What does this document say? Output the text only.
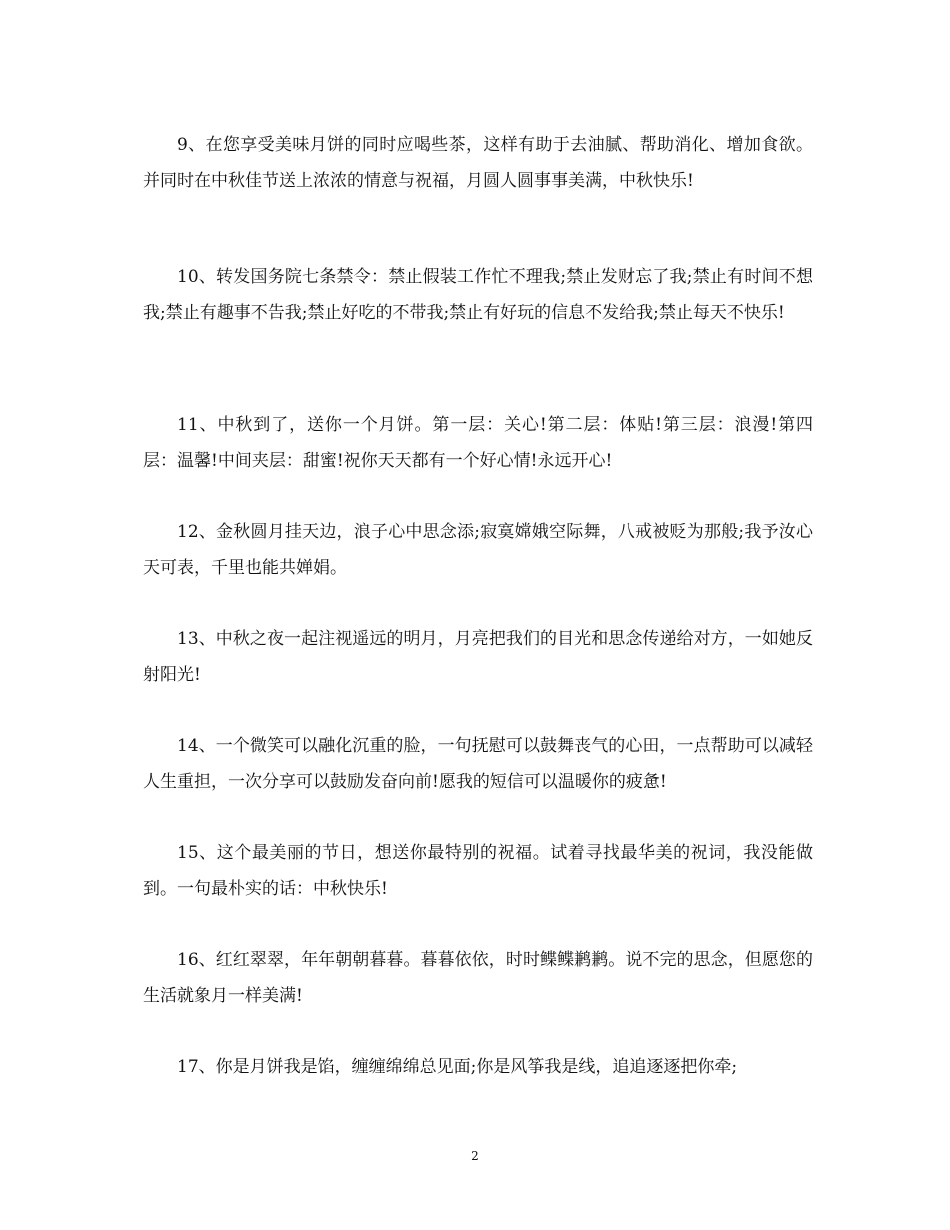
9、在您享受美味月饼的同时应喝些茶，这样有助于去油腻、帮助消化、增加食欲。并同时在中秋佳节送上浓浓的情意与祝福，月圆人圆事事美满，中秋快乐!

10、转发国务院七条禁令：禁止假装工作忙不理我;禁止发财忘了我;禁止有时间不想我;禁止有趣事不告我;禁止好吃的不带我;禁止有好玩的信息不发给我;禁止每天不快乐!

11、中秋到了，送你一个月饼。第一层：关心!第二层：体贴!第三层：浪漫!第四层：温馨!中间夹层：甜蜜!祝你天天都有一个好心情!永远开心!

12、金秋圆月挂天边，浪子心中思念添;寂寞嫦娥空际舞，八戒被贬为那般;我予汝心天可表，千里也能共婵娟。

13、中秋之夜一起注视遥远的明月，月亮把我们的目光和思念传递给对方，一如她反射阳光!

14、一个微笑可以融化沉重的脸，一句抚慰可以鼓舞丧气的心田，一点帮助可以减轻人生重担，一次分享可以鼓励发奋向前!愿我的短信可以温暖你的疲惫!

15、这个最美丽的节日，想送你最特别的祝福。试着寻找最华美的祝词，我没能做到。一句最朴实的话：中秋快乐!

16、红红翠翠，年年朝朝暮暮。暮暮依依，时时鲽鲽鹣鹣。说不完的思念，但愿您的生活就象月一样美满!

17、你是月饼我是馅，缠缠绵绵总见面;你是风筝我是线，追追逐逐把你牵;

2
